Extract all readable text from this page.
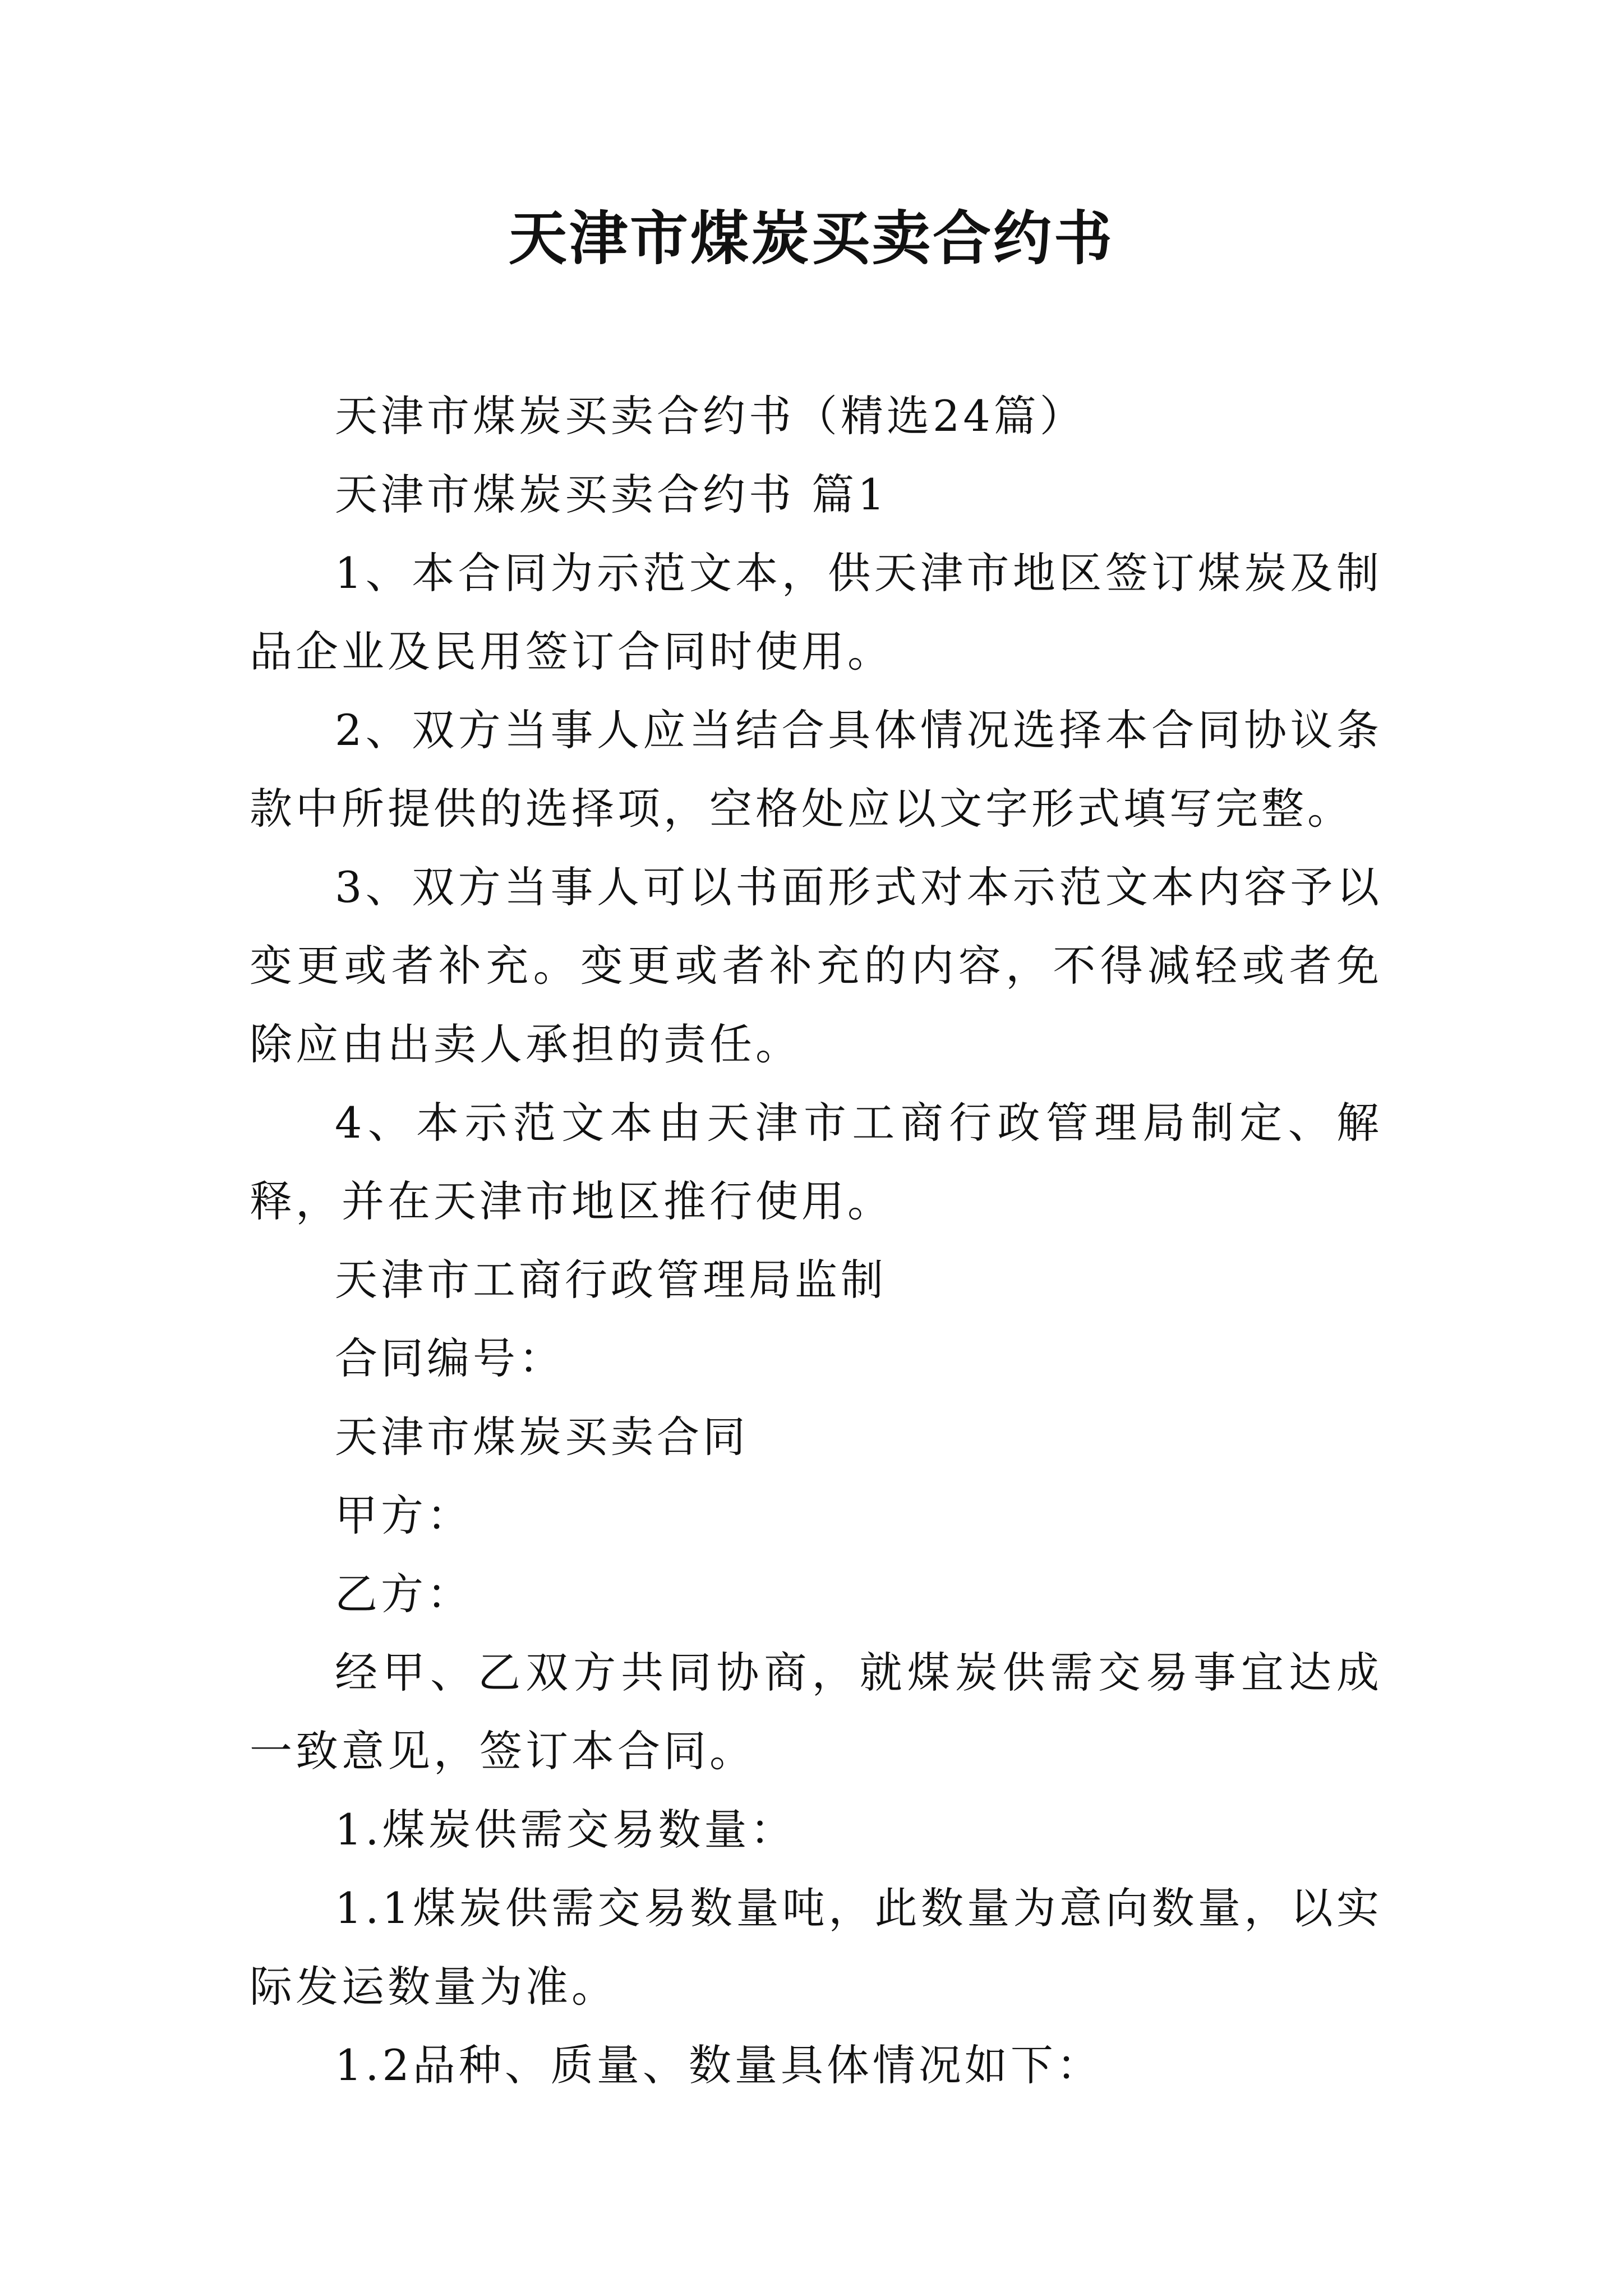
天津市煤炭买卖合约书

天津市煤炭买卖合约书（精选24篇）

天津市煤炭买卖合约书 篇1

1、本合同为示范文本，供天津市地区签订煤炭及制品企业及民用签订合同时使用。

2、双方当事人应当结合具体情况选择本合同协议条款中所提供的选择项，空格处应以文字形式填写完整。

3、双方当事人可以书面形式对本示范文本内容予以变更或者补充。变更或者补充的内容，不得减轻或者免除应由出卖人承担的责任。

4、本示范文本由天津市工商行政管理局制定、解释，并在天津市地区推行使用。

天津市工商行政管理局监制

合同编号：

天津市煤炭买卖合同

甲方：

乙方：

经甲、乙双方共同协商，就煤炭供需交易事宜达成一致意见，签订本合同。

1.煤炭供需交易数量：

1.1煤炭供需交易数量吨，此数量为意向数量，以实际发运数量为准。

1.2品种、质量、数量具体情况如下：
